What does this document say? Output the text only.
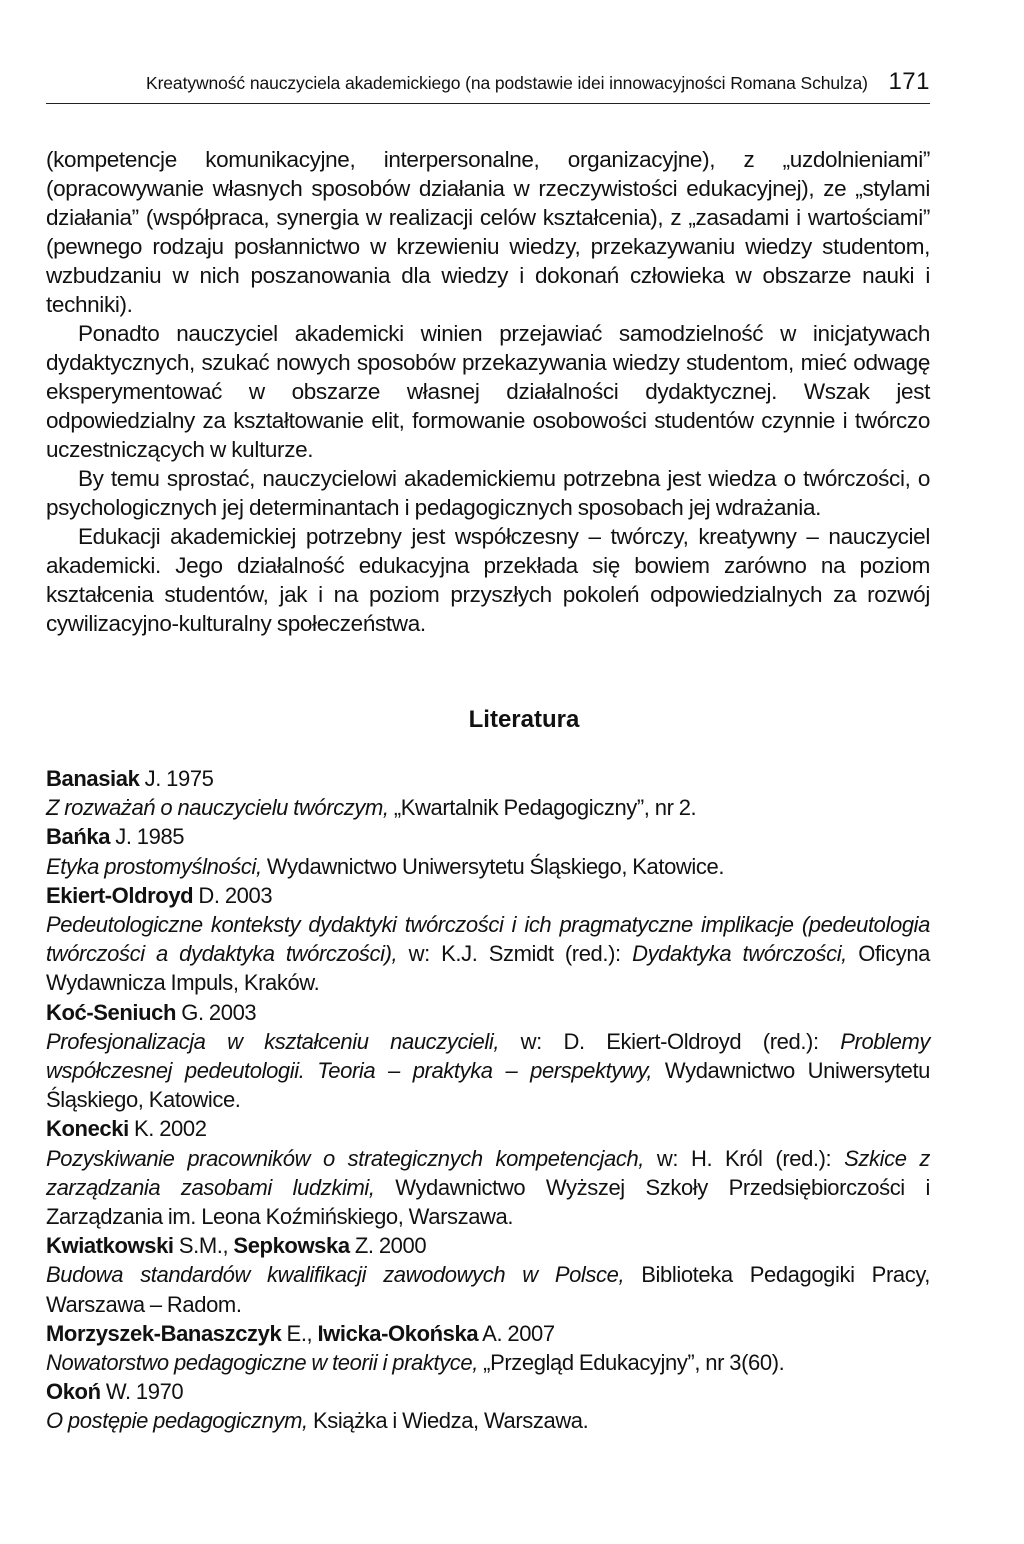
Kreatywność nauczyciela akademickiego (na podstawie idei innowacyjności Romana Schulza) 171

(kompetencje komunikacyjne, interpersonalne, organizacyjne), z „uzdolnieniami” (opracowywanie własnych sposobów działania w rzeczywistości edukacyjnej), ze „stylami działania” (współpraca, synergia w realizacji celów kształcenia), z „zasadami i wartościami” (pewnego rodzaju posłannictwo w krzewieniu wiedzy, przekazywaniu wiedzy studentom, wzbudzaniu w nich poszanowania dla wiedzy i dokonań człowieka w obszarze nauki i techniki).

Ponadto nauczyciel akademicki winien przejawiać samodzielność w inicjatywach dydaktycznych, szukać nowych sposobów przekazywania wiedzy studentom, mieć odwagę eksperymentować w obszarze własnej działalności dydaktycznej. Wszak jest odpowiedzialny za kształtowanie elit, formowanie osobowości studentów czynnie i twórczo uczestniczących w kulturze.

By temu sprostać, nauczycielowi akademickiemu potrzebna jest wiedza o twórczości, o psychologicznych jej determinantach i pedagogicznych sposobach jej wdrażania.

Edukacji akademickiej potrzebny jest współczesny – twórczy, kreatywny – nauczyciel akademicki. Jego działalność edukacyjna przekłada się bowiem zarówno na poziom kształcenia studentów, jak i na poziom przyszłych pokoleń odpowiedzialnych za rozwój cywilizacyjno-kulturalny społeczeństwa.

Literatura
Banasiak J. 1975
Z rozważań o nauczycielu twórczym, „Kwartalnik Pedagogiczny”, nr 2.
Bańka J. 1985
Etyka prostomyślności, Wydawnictwo Uniwersytetu Śląskiego, Katowice.
Ekiert-Oldroyd D. 2003
Pedeutologiczne konteksty dydaktyki twórczości i ich pragmatyczne implikacje (pedeutologia twórczości a dydaktyka twórczości), w: K.J. Szmidt (red.): Dydaktyka twórczości, Oficyna Wydawnicza Impuls, Kraków.
Koć-Seniuch G. 2003
Profesjonalizacja w kształceniu nauczycieli, w: D. Ekiert-Oldroyd (red.): Problemy współczesnej pedeutologii. Teoria – praktyka – perspektywy, Wydawnictwo Uniwersytetu Śląskiego, Katowice.
Konecki K. 2002
Pozyskiwanie pracowników o strategicznych kompetencjach, w: H. Król (red.): Szkice z zarządzania zasobami ludzkimi, Wydawnictwo Wyższej Szkoły Przedsiębiorczości i Zarządzania im. Leona Koźmińskiego, Warszawa.
Kwiatkowski S.M., Sepkowska Z. 2000
Budowa standardów kwalifikacji zawodowych w Polsce, Biblioteka Pedagogiki Pracy, Warszawa – Radom.
Morzyszek-Banaszczyk E., Iwicka-Okońska A. 2007
Nowatorstwo pedagogiczne w teorii i praktyce, „Przegląd Edukacyjny”, nr 3(60).
Okoń W. 1970
O postępie pedagogicznym, Książka i Wiedza, Warszawa.
